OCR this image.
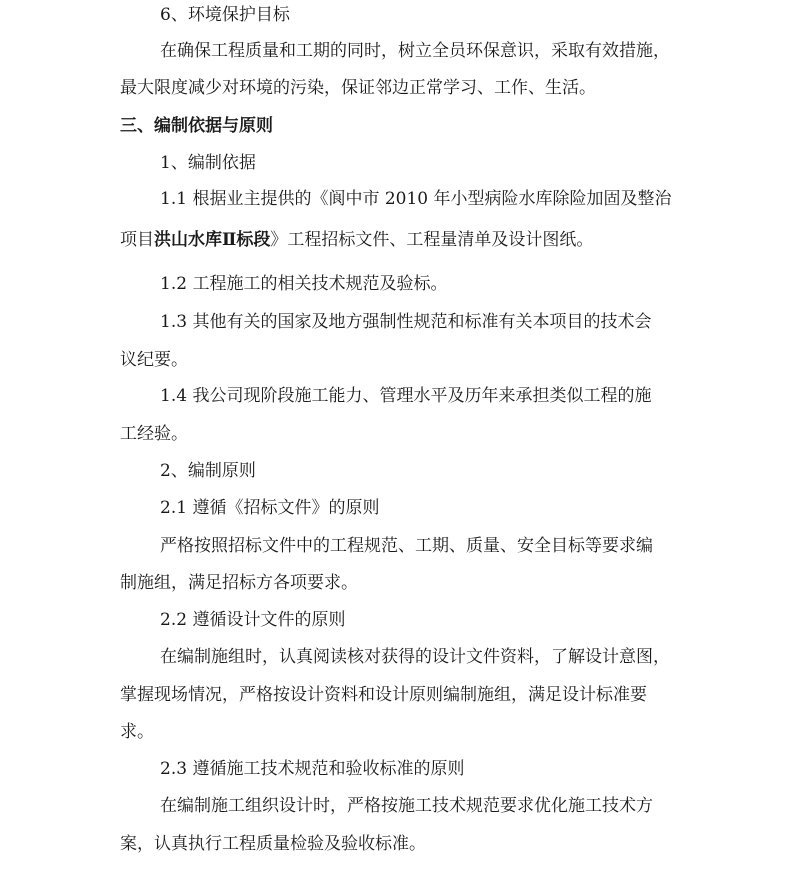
6、环境保护目标
在确保工程质量和工期的同时，树立全员环保意识，采取有效措施，
最大限度减少对环境的污染，保证邻边正常学习、工作、生活。
三、编制依据与原则
1、编制依据
1.1 根据业主提供的《阆中市 2010 年小型病险水库除险加固及整治
项目洪山水库Ⅱ标段》工程招标文件、工程量清单及设计图纸。
1.2 工程施工的相关技术规范及验标。
1.3 其他有关的国家及地方强制性规范和标准有关本项目的技术会
议纪要。
1.4 我公司现阶段施工能力、管理水平及历年来承担类似工程的施
工经验。
2、编制原则
2.1 遵循《招标文件》的原则
严格按照招标文件中的工程规范、工期、质量、安全目标等要求编
制施组，满足招标方各项要求。
2.2 遵循设计文件的原则
在编制施组时，认真阅读核对获得的设计文件资料，了解设计意图，
掌握现场情况，严格按设计资料和设计原则编制施组，满足设计标准要
求。
2.3 遵循施工技术规范和验收标准的原则
在编制施工组织设计时，严格按施工技术规范要求优化施工技术方
案，认真执行工程质量检验及验收标准。
